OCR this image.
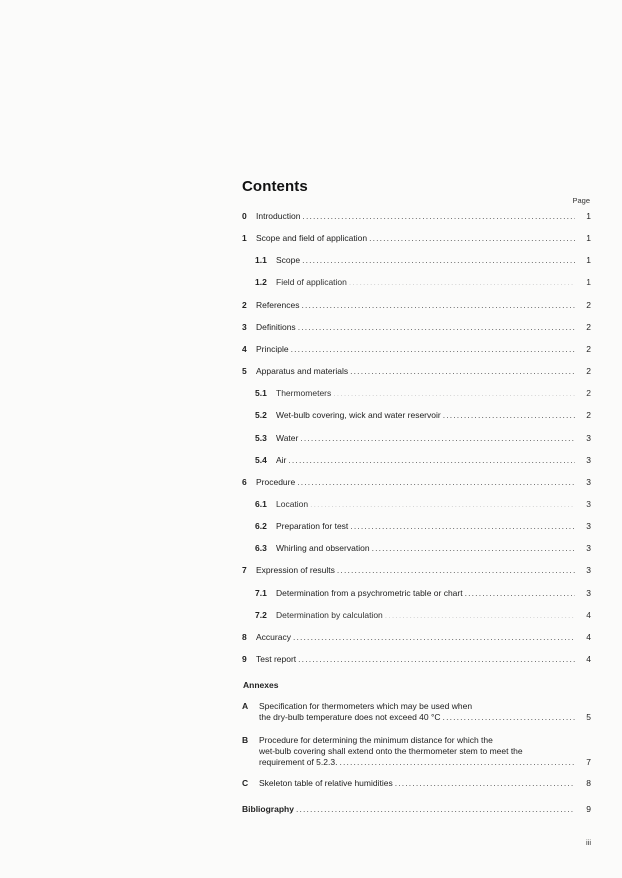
Contents
Page
0 Introduction . . .	1
1 Scope and field of application . . .	1
1.1 Scope . . .	1
1.2 Field of application . . .	1
2 References . . .	2
3 Definitions . . .	2
4 Principle . . .	2
5 Apparatus and materials . . .	2
5.1 Thermometers . . .	2
5.2 Wet-bulb covering, wick and water reservoir . . .	2
5.3 Water . . .	3
5.4 Air . . .	3
6 Procedure . . .	3
6.1 Location . . .	3
6.2 Preparation for test . . .	3
6.3 Whirling and observation . . .	3
7 Expression of results . . .	3
7.1 Determination from a psychrometric table or chart . . .	3
7.2 Determination by calculation . . .	4
8 Accuracy . . .	4
9 Test report . . .	4
Annexes
A Specification for thermometers which may be used when
the dry-bulb temperature does not exceed 40 °C . . .	5
B Procedure for determining the minimum distance for which the
wet-bulb covering shall extend onto the thermometer stem to meet the
requirement of 5.2.3. . . .	7
C Skeleton table of relative humidities . . .	8
Bibliography . . .	9
iii
